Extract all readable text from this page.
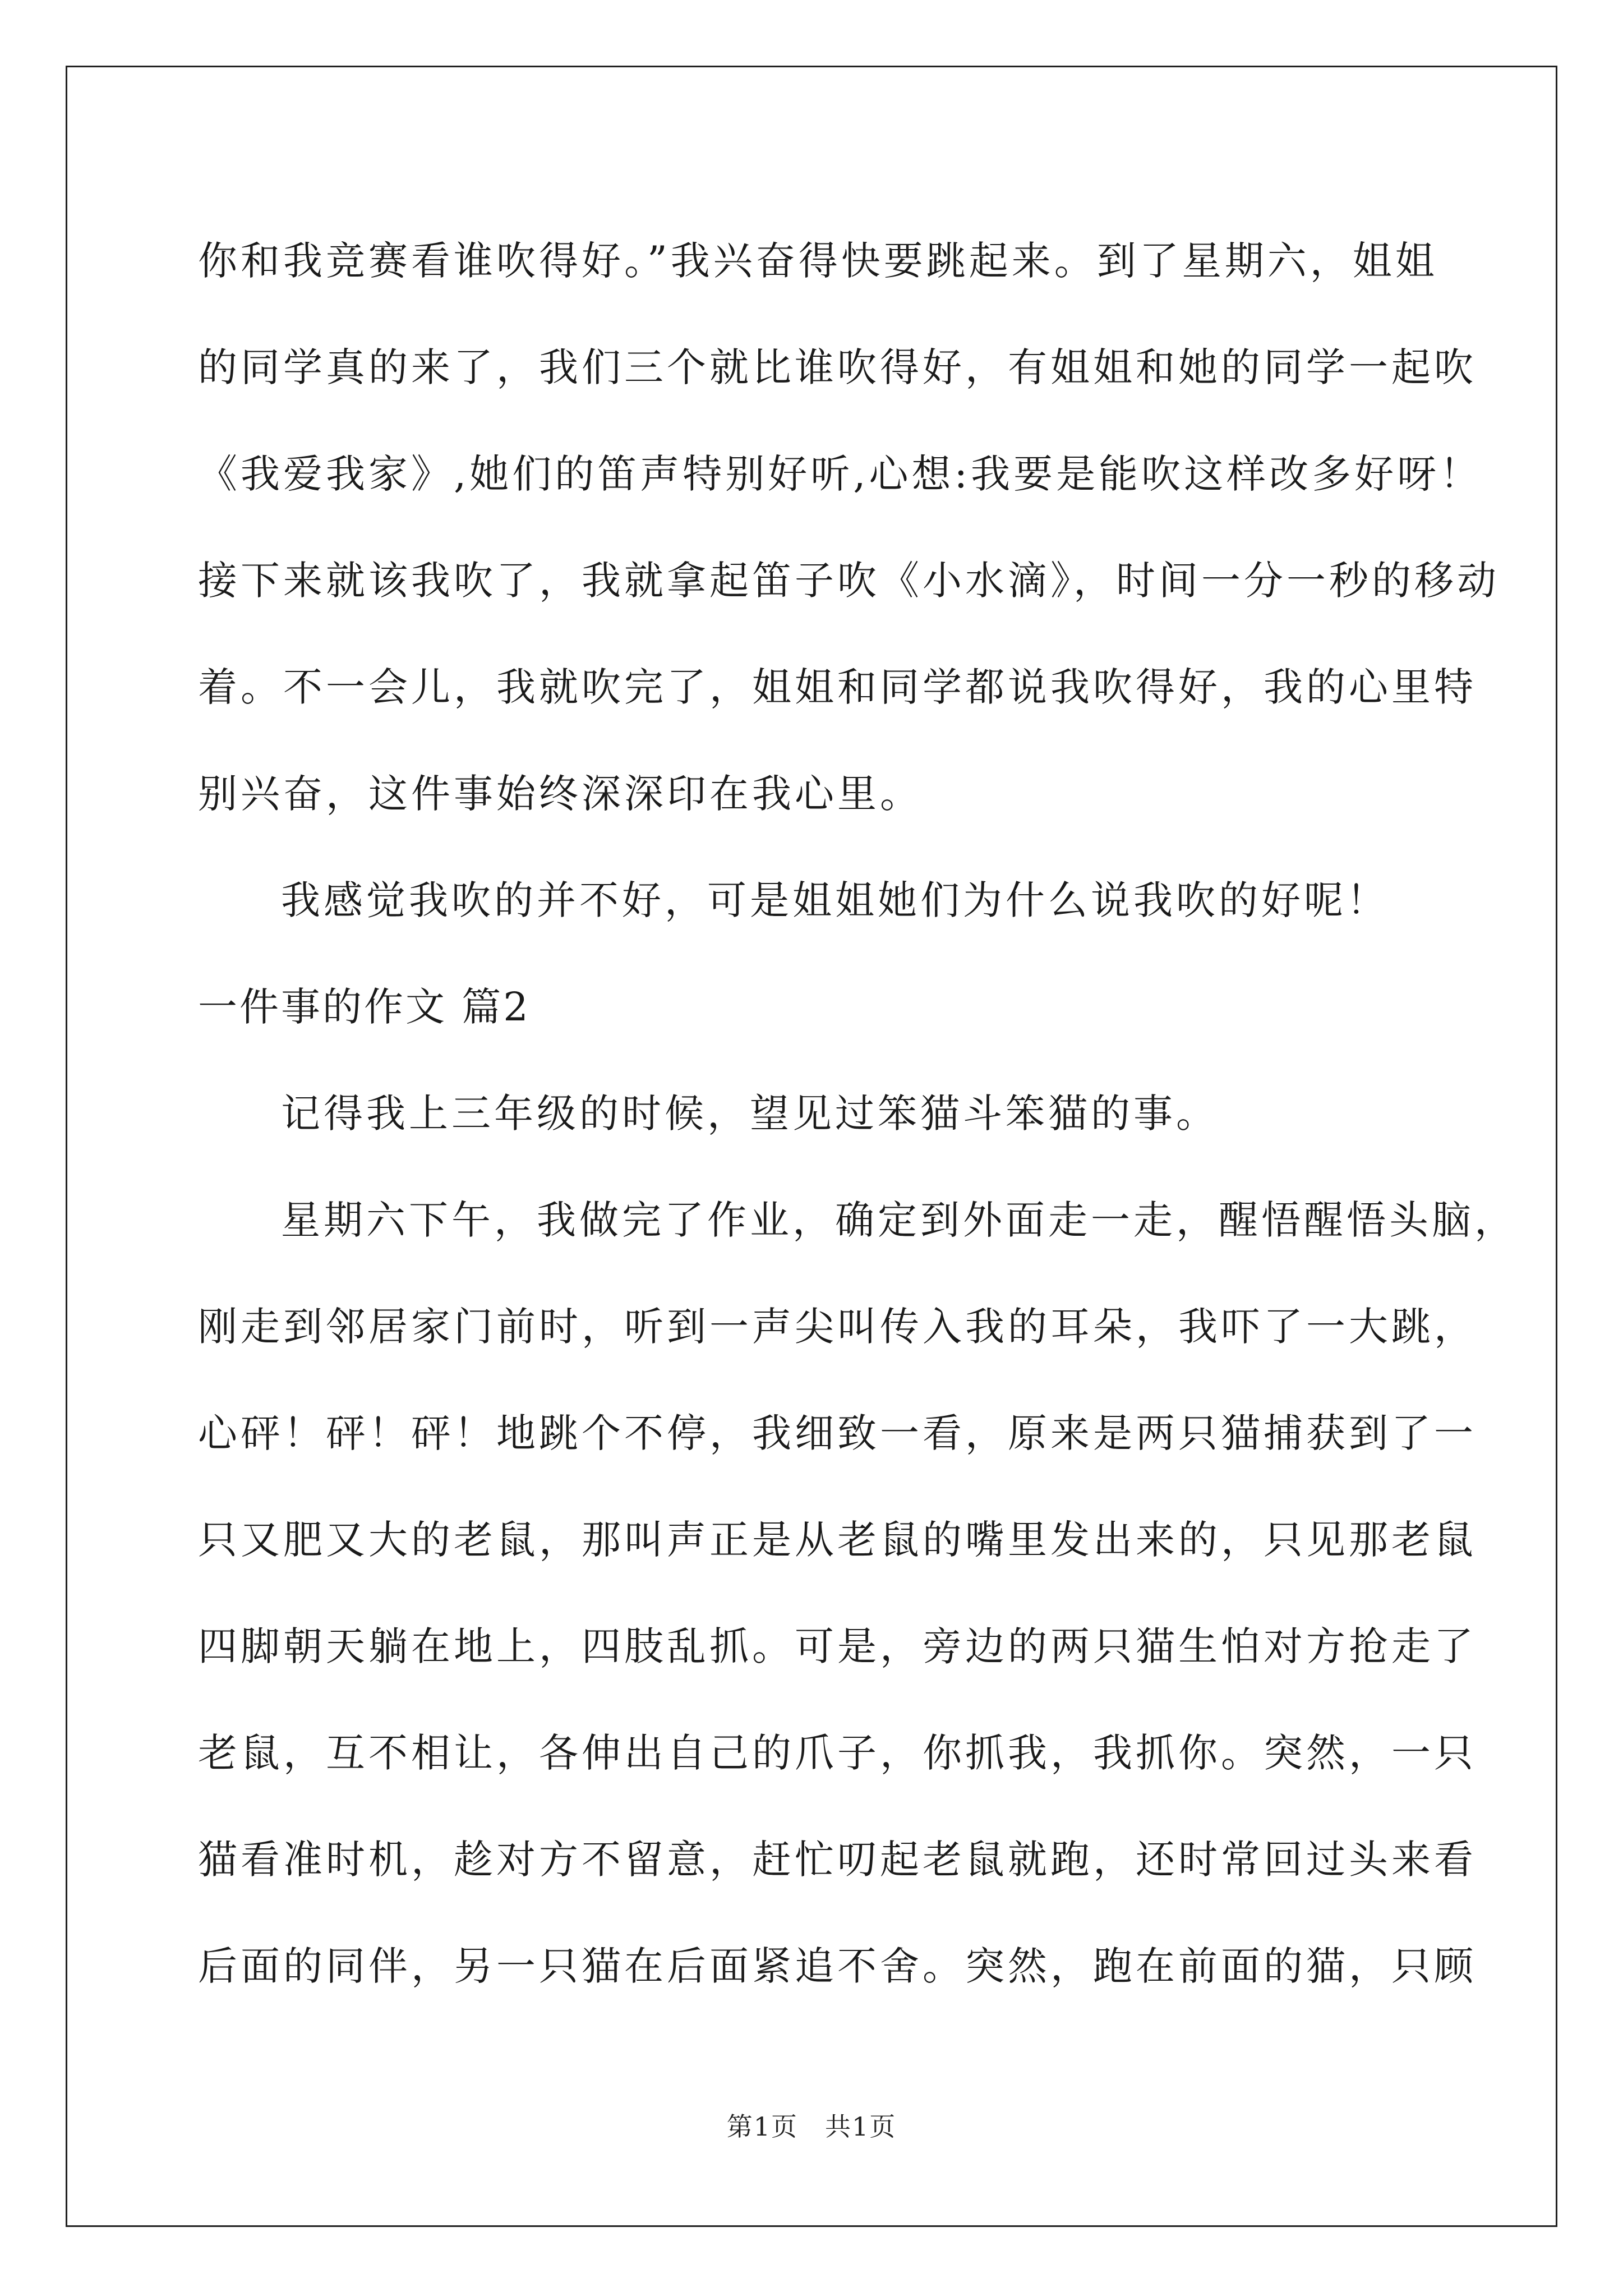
你和我竞赛看谁吹得好。”我兴奋得快要跳起来。到了星期六，姐姐
的同学真的来了，我们三个就比谁吹得好，有姐姐和她的同学一起吹
《我爱我家》,她们的笛声特别好听,心想:我要是能吹这样改多好呀！
接下来就该我吹了，我就拿起笛子吹《小水滴》，时间一分一秒的移动
着。不一会儿，我就吹完了，姐姐和同学都说我吹得好，我的心里特
别兴奋，这件事始终深深印在我心里。
我感觉我吹的并不好，可是姐姐她们为什么说我吹的好呢！
一件事的作文 篇2
记得我上三年级的时候，望见过笨猫斗笨猫的事。
星期六下午，我做完了作业，确定到外面走一走，醒悟醒悟头脑，
刚走到邻居家门前时，听到一声尖叫传入我的耳朵，我吓了一大跳，
心砰！砰！砰！地跳个不停，我细致一看，原来是两只猫捕获到了一
只又肥又大的老鼠，那叫声正是从老鼠的嘴里发出来的，只见那老鼠
四脚朝天躺在地上，四肢乱抓。可是，旁边的两只猫生怕对方抢走了
老鼠，互不相让，各伸出自己的爪子，你抓我，我抓你。突然，一只
猫看准时机，趁对方不留意，赶忙叨起老鼠就跑，还时常回过头来看
后面的同伴，另一只猫在后面紧追不舍。突然，跑在前面的猫，只顾
第1页　共1页
